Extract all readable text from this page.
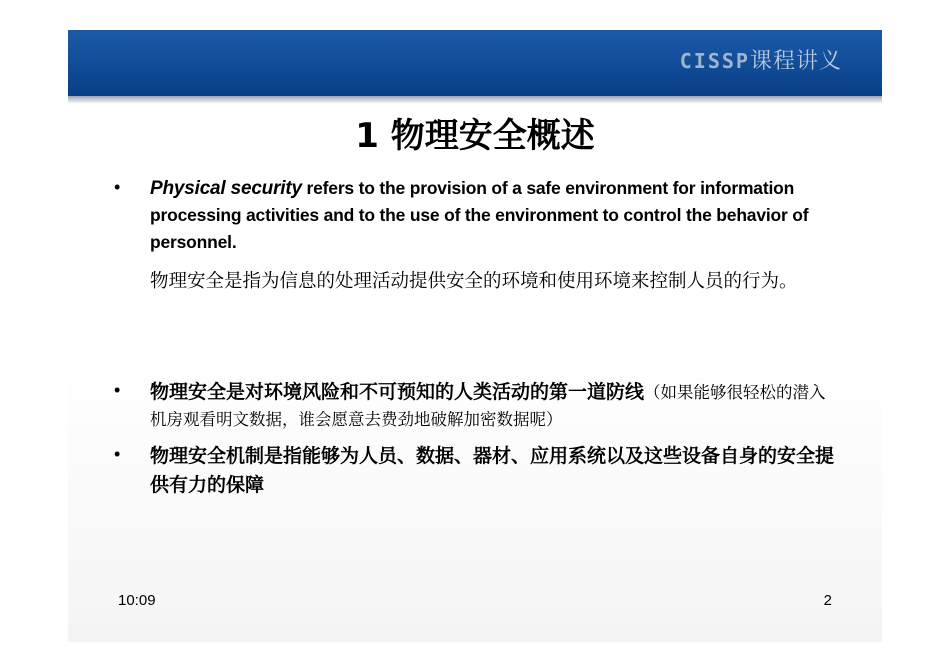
CISSP课程讲义
1 物理安全概述
• Physical security refers to the provision of a safe environment for information processing activities and to the use of the environment to control the behavior of personnel.
物理安全是指为信息的处理活动提供安全的环境和使用环境来控制人员的行为。
• 物理安全是对环境风险和不可预知的人类活动的第一道防线（如果能够很轻松的潜入机房观看明文数据，谁会愿意去费劲地破解加密数据呢）
• 物理安全机制是指能够为人员、数据、器材、应用系统以及这些设备自身的安全提供有力的保障
10:09	2
